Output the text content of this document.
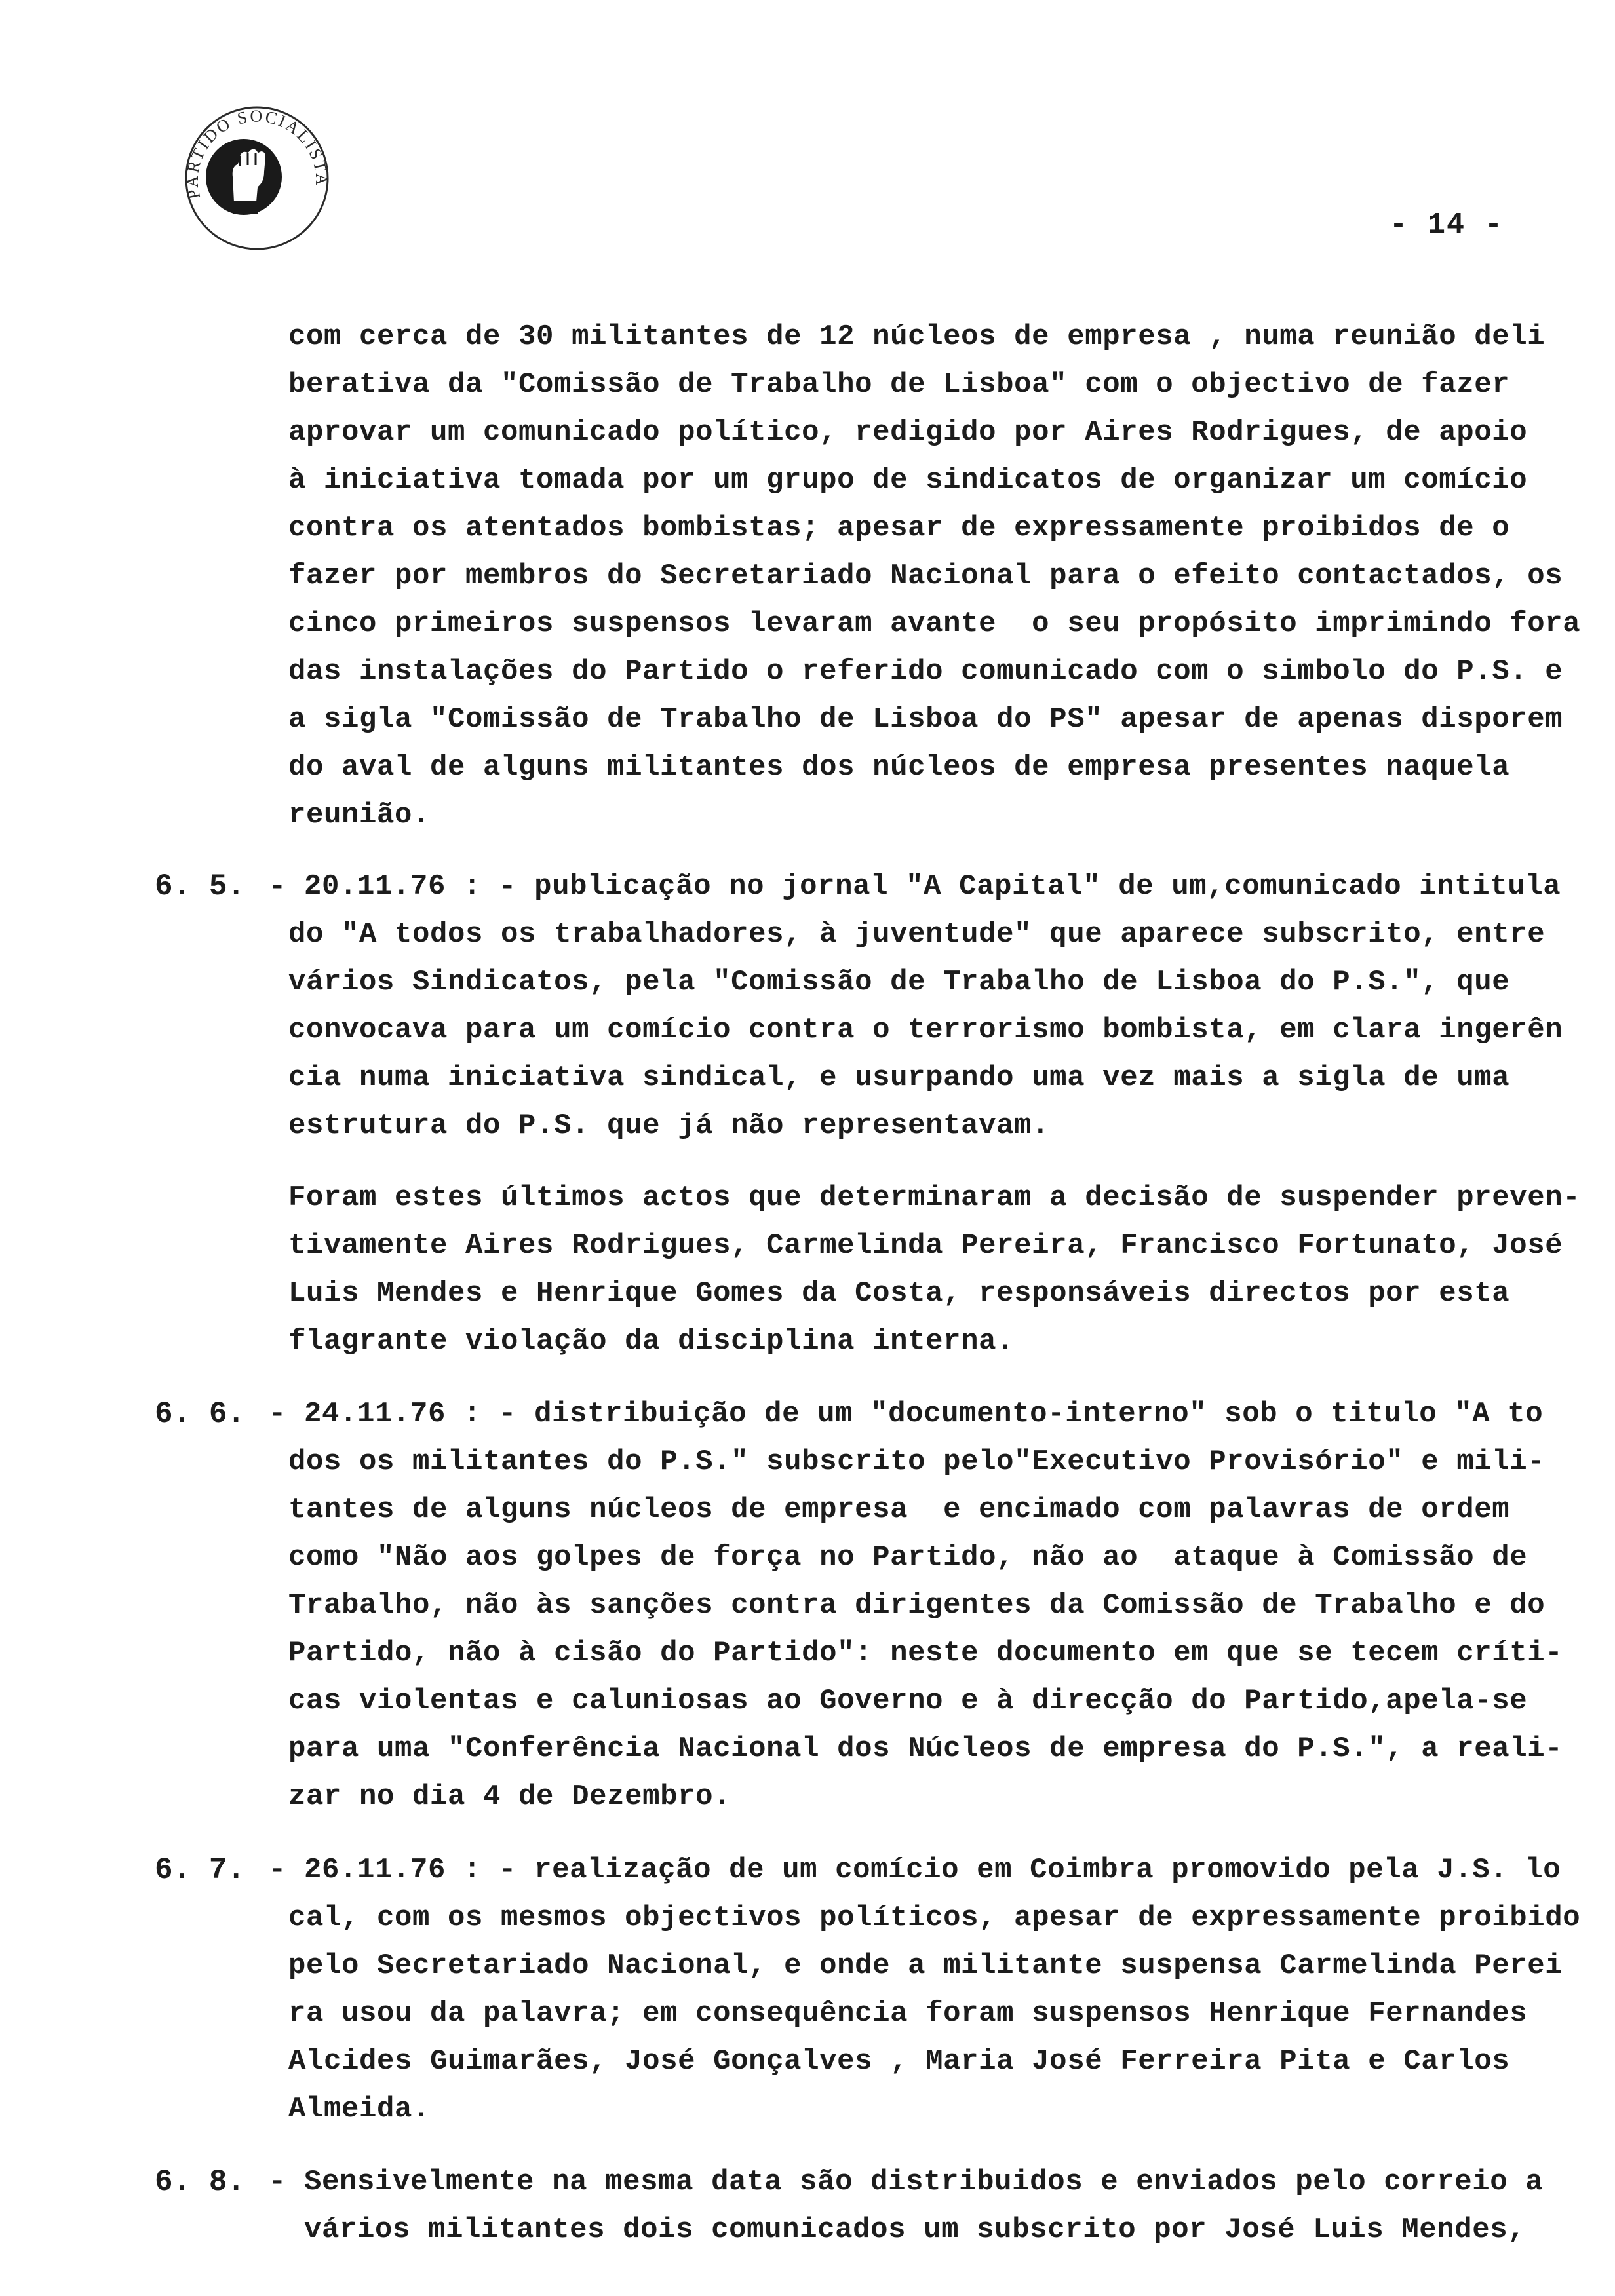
PARTIDO SOCIALISTA
- 14 -
com cerca de 30 militantes de 12 núcleos de empresa , numa reunião deli
berativa da "Comissão de Trabalho de Lisboa" com o objectivo de fazer
aprovar um comunicado político, redigido por Aires Rodrigues, de apoio
à iniciativa tomada por um grupo de sindicatos de organizar um comício
contra os atentados bombistas; apesar de expressamente proibidos de o
fazer por membros do Secretariado Nacional para o efeito contactados, os
cinco primeiros suspensos levaram avante  o seu propósito imprimindo fora
das instalações do Partido o referido comunicado com o simbolo do P.S. e
a sigla "Comissão de Trabalho de Lisboa do PS" apesar de apenas disporem
do aval de alguns militantes dos núcleos de empresa presentes naquela
reunião.
6. 5. - 20.11.76 : - publicação no jornal "A Capital" de um,comunicado intitula
do "A todos os trabalhadores, à juventude" que aparece subscrito, entre
vários Sindicatos, pela "Comissão de Trabalho de Lisboa do P.S.", que
convocava para um comício contra o terrorismo bombista, em clara ingerên
cia numa iniciativa sindical, e usurpando uma vez mais a sigla de uma
estrutura do P.S. que já não representavam.
Foram estes últimos actos que determinaram a decisão de suspender preven-
tivamente Aires Rodrigues, Carmelinda Pereira, Francisco Fortunato, José
Luis Mendes e Henrique Gomes da Costa, responsáveis directos por esta
flagrante violação da disciplina interna.
6. 6. - 24.11.76 : - distribuição de um "documento-interno" sob o titulo "A to
dos os militantes do P.S." subscrito pelo"Executivo Provisório" e mili-
tantes de alguns núcleos de empresa  e encimado com palavras de ordem
como "Não aos golpes de força no Partido, não ao  ataque à Comissão de
Trabalho, não às sanções contra dirigentes da Comissão de Trabalho e do
Partido, não à cisão do Partido": neste documento em que se tecem críti-
cas violentas e caluniosas ao Governo e à direcção do Partido,apela-se
para uma "Conferência Nacional dos Núcleos de empresa do P.S.", a reali-
zar no dia 4 de Dezembro.
6. 7. - 26.11.76 : - realização de um comício em Coimbra promovido pela J.S. lo
cal, com os mesmos objectivos políticos, apesar de expressamente proibido
pelo Secretariado Nacional, e onde a militante suspensa Carmelinda Perei
ra usou da palavra; em consequência foram suspensos Henrique Fernandes
Alcides Guimarães, José Gonçalves , Maria José Ferreira Pita e Carlos
Almeida.
6. 8. - Sensivelmente na mesma data são distribuidos e enviados pelo correio a
vários militantes dois comunicados um subscrito por José Luis Mendes,
